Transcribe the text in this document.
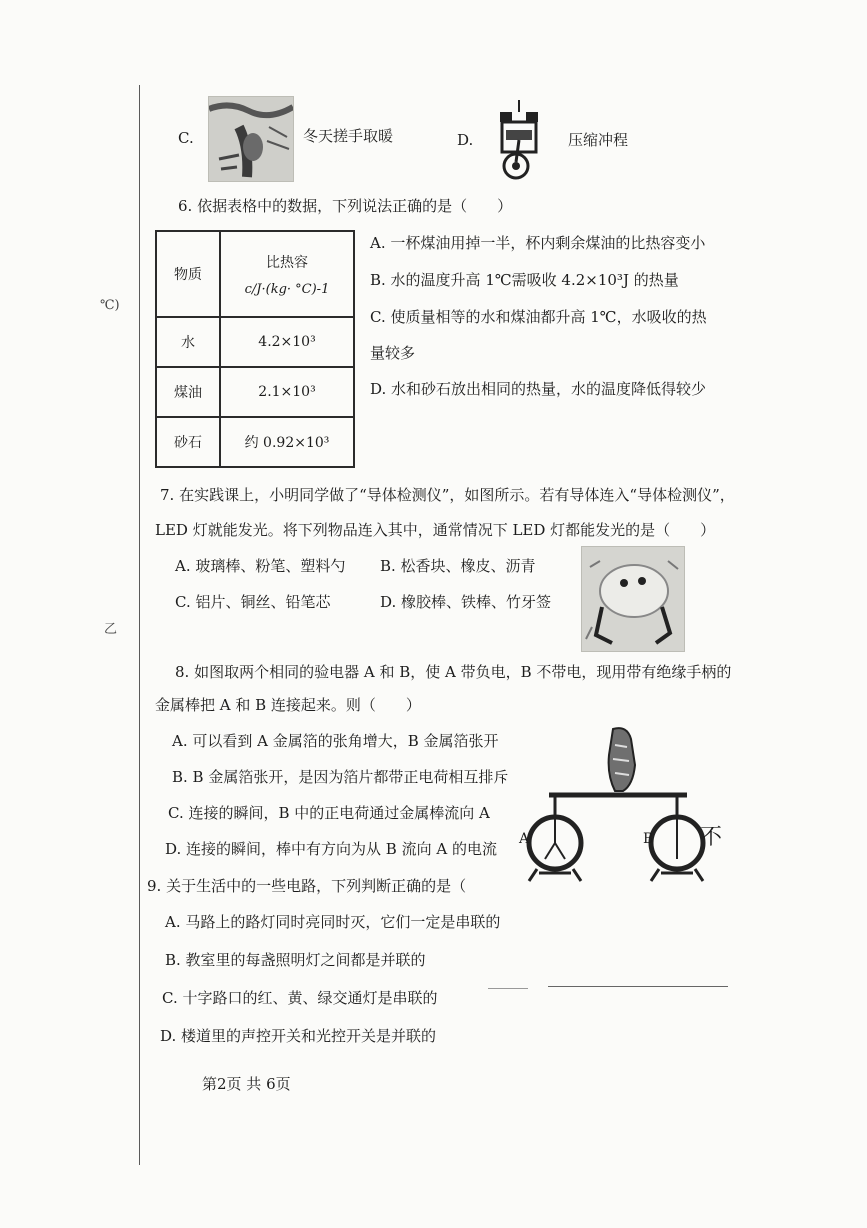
℃)
乙
C.	冬天搓手取暖	D.	压缩冲程
6. 依据表格中的数据，下列说法正确的是（　　）
物质	比热容
c/J·(kg· °C)-1

水	4.2×10³
煤油	2.1×10³
砂石	约 0.92×10³
A. 一杯煤油用掉一半，杯内剩余煤油的比热容变小
B. 水的温度升高 1℃需吸收 4.2×10³J 的热量
C. 使质量相等的水和煤油都升高 1℃，水吸收的热
量较多
D. 水和砂石放出相同的热量，水的温度降低得较少
7. 在实践课上，小明同学做了“导体检测仪”，如图所示。若有导体连入“导体检测仪”，
LED 灯就能发光。将下列物品连入其中，通常情况下 LED 灯都能发光的是（　　）
A. 玻璃棒、粉笔、塑料勺 B. 松香块、橡皮、沥青
C. 铝片、铜丝、铅笔芯	D. 橡胶棒、铁棒、竹牙签
8. 如图取两个相同的验电器 A 和 B，使 A 带负电，B 不带电，现用带有绝缘手柄的
金属棒把 A 和 B 连接起来。则（　　）
A. 可以看到 A 金属箔的张角增大，B 金属箔张开
B. B 金属箔张开，是因为箔片都带正电荷相互排斥
C. 连接的瞬间，B 中的正电荷通过金属棒流向 A
D. 连接的瞬间，棒中有方向为从 B 流向 A 的电流
A	B 不
9. 关于生活中的一些电路，下列判断正确的是（
A. 马路上的路灯同时亮同时灭，它们一定是串联的
B. 教室里的每盏照明灯之间都是并联的
C. 十字路口的红、黄、绿交通灯是串联的
D. 楼道里的声控开关和光控开关是并联的
第2页 共 6页
